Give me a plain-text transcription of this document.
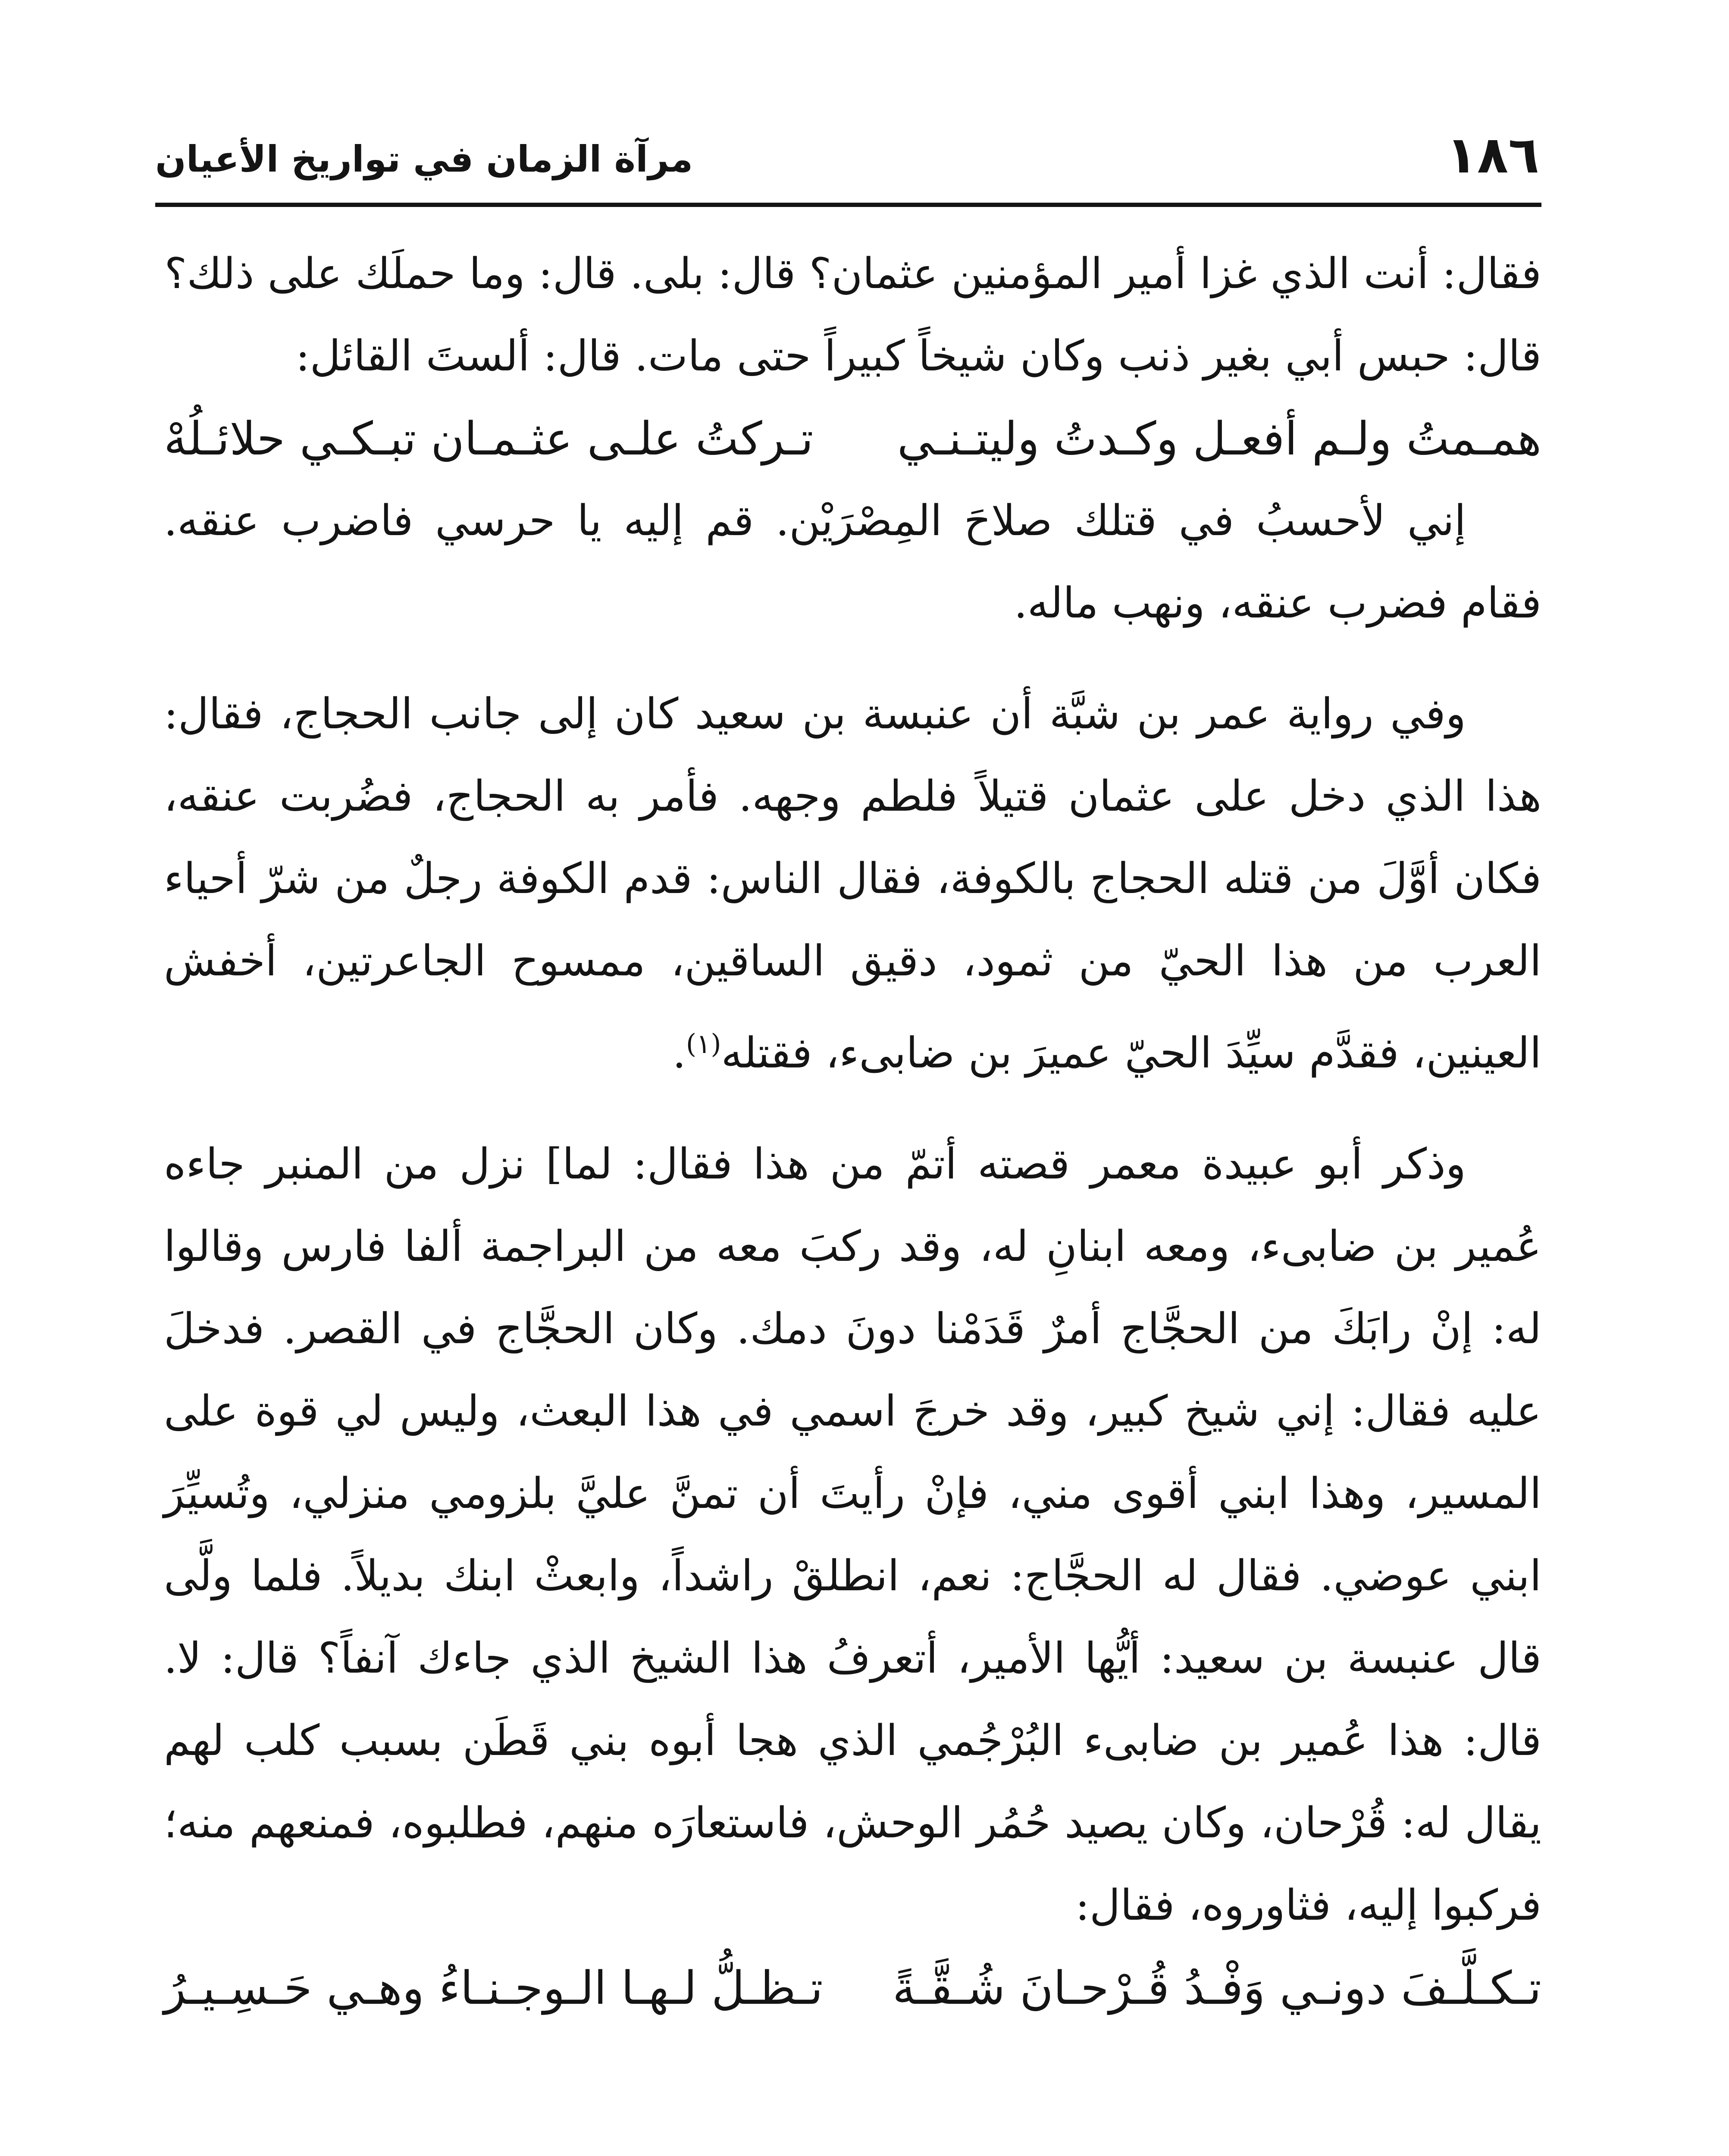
١٨٦
مرآة الزمان في تواريخ الأعيان

فقال: أنت الذي غزا أمير المؤمنين عثمان؟ قال: بلى. قال: وما حملَك على ذلك؟

قال: حبس أبي بغير ذنب وكان شيخاً كبيراً حتى مات. قال: ألستَ القائل:

همـمتُ ولـم أفعـل وكـدتُ وليتـنـي
تـركتُ علـى عثـمـان تبـكـي حلائـلُهْ

إني لأحسبُ في قتلك صلاحَ المِصْرَيْن. قم إليه يا حرسي فاضرب عنقه. فقام فضرب عنقه، ونهب ماله.

وفي رواية عمر بن شبَّة أن عنبسة بن سعيد كان إلى جانب الحجاج، فقال: هذا الذي دخل على عثمان قتيلاً فلطم وجهه. فأمر به الحجاج، فضُربت عنقه، فكان أوَّلَ من قتله الحجاج بالكوفة، فقال الناس: قدم الكوفة رجلٌ من شرّ أحياء العرب من هذا الحيّ من ثمود، دقيق الساقين، ممسوح الجاعرتين، أخفش العينين، فقدَّم سيِّدَ الحيّ عميرَ بن ضابىء، فقتله$^{(١)}$.

وذكر أبو عبيدة معمر قصته أتمّ من هذا فقال: لما] نزل من المنبر جاءه عُمير بن ضابىء، ومعه ابنانِ له، وقد ركبَ معه من البراجمة ألفا فارس وقالوا له: إنْ رابَكَ من الحجَّاج أمرٌ قَدَمْنا دونَ دمك. وكان الحجَّاج في القصر. فدخلَ عليه فقال: إني شيخ كبير، وقد خرجَ اسمي في هذا البعث، وليس لي قوة على المسير، وهذا ابني أقوى مني، فإنْ رأيتَ أن تمنَّ عليَّ بلزومي منزلي، وتُسيِّرَ ابني عوضي. فقال له الحجَّاج: نعم، انطلقْ راشداً، وابعثْ ابنك بديلاً. فلما ولَّى قال عنبسة بن سعيد: أيُّها الأمير، أتعرفُ هذا الشيخ الذي جاءك آنفاً؟ قال: لا. قال: هذا عُمير بن ضابىء البُرْجُمي الذي هجا أبوه بني قَطَن بسبب كلب لهم يقال له: قُرْحان، وكان يصيد حُمُر الوحش، فاستعارَه منهم، فطلبوه، فمنعهم منه؛ فركبوا إليه، فثاوروه، فقال:

تـكـلَّـفَ دونـي وَفْـدُ قُـرْحـانَ شُـقَّـةً
تـظـلُّ لـهـا الـوجـنـاءُ وهـي حَـسِـيـرُ
